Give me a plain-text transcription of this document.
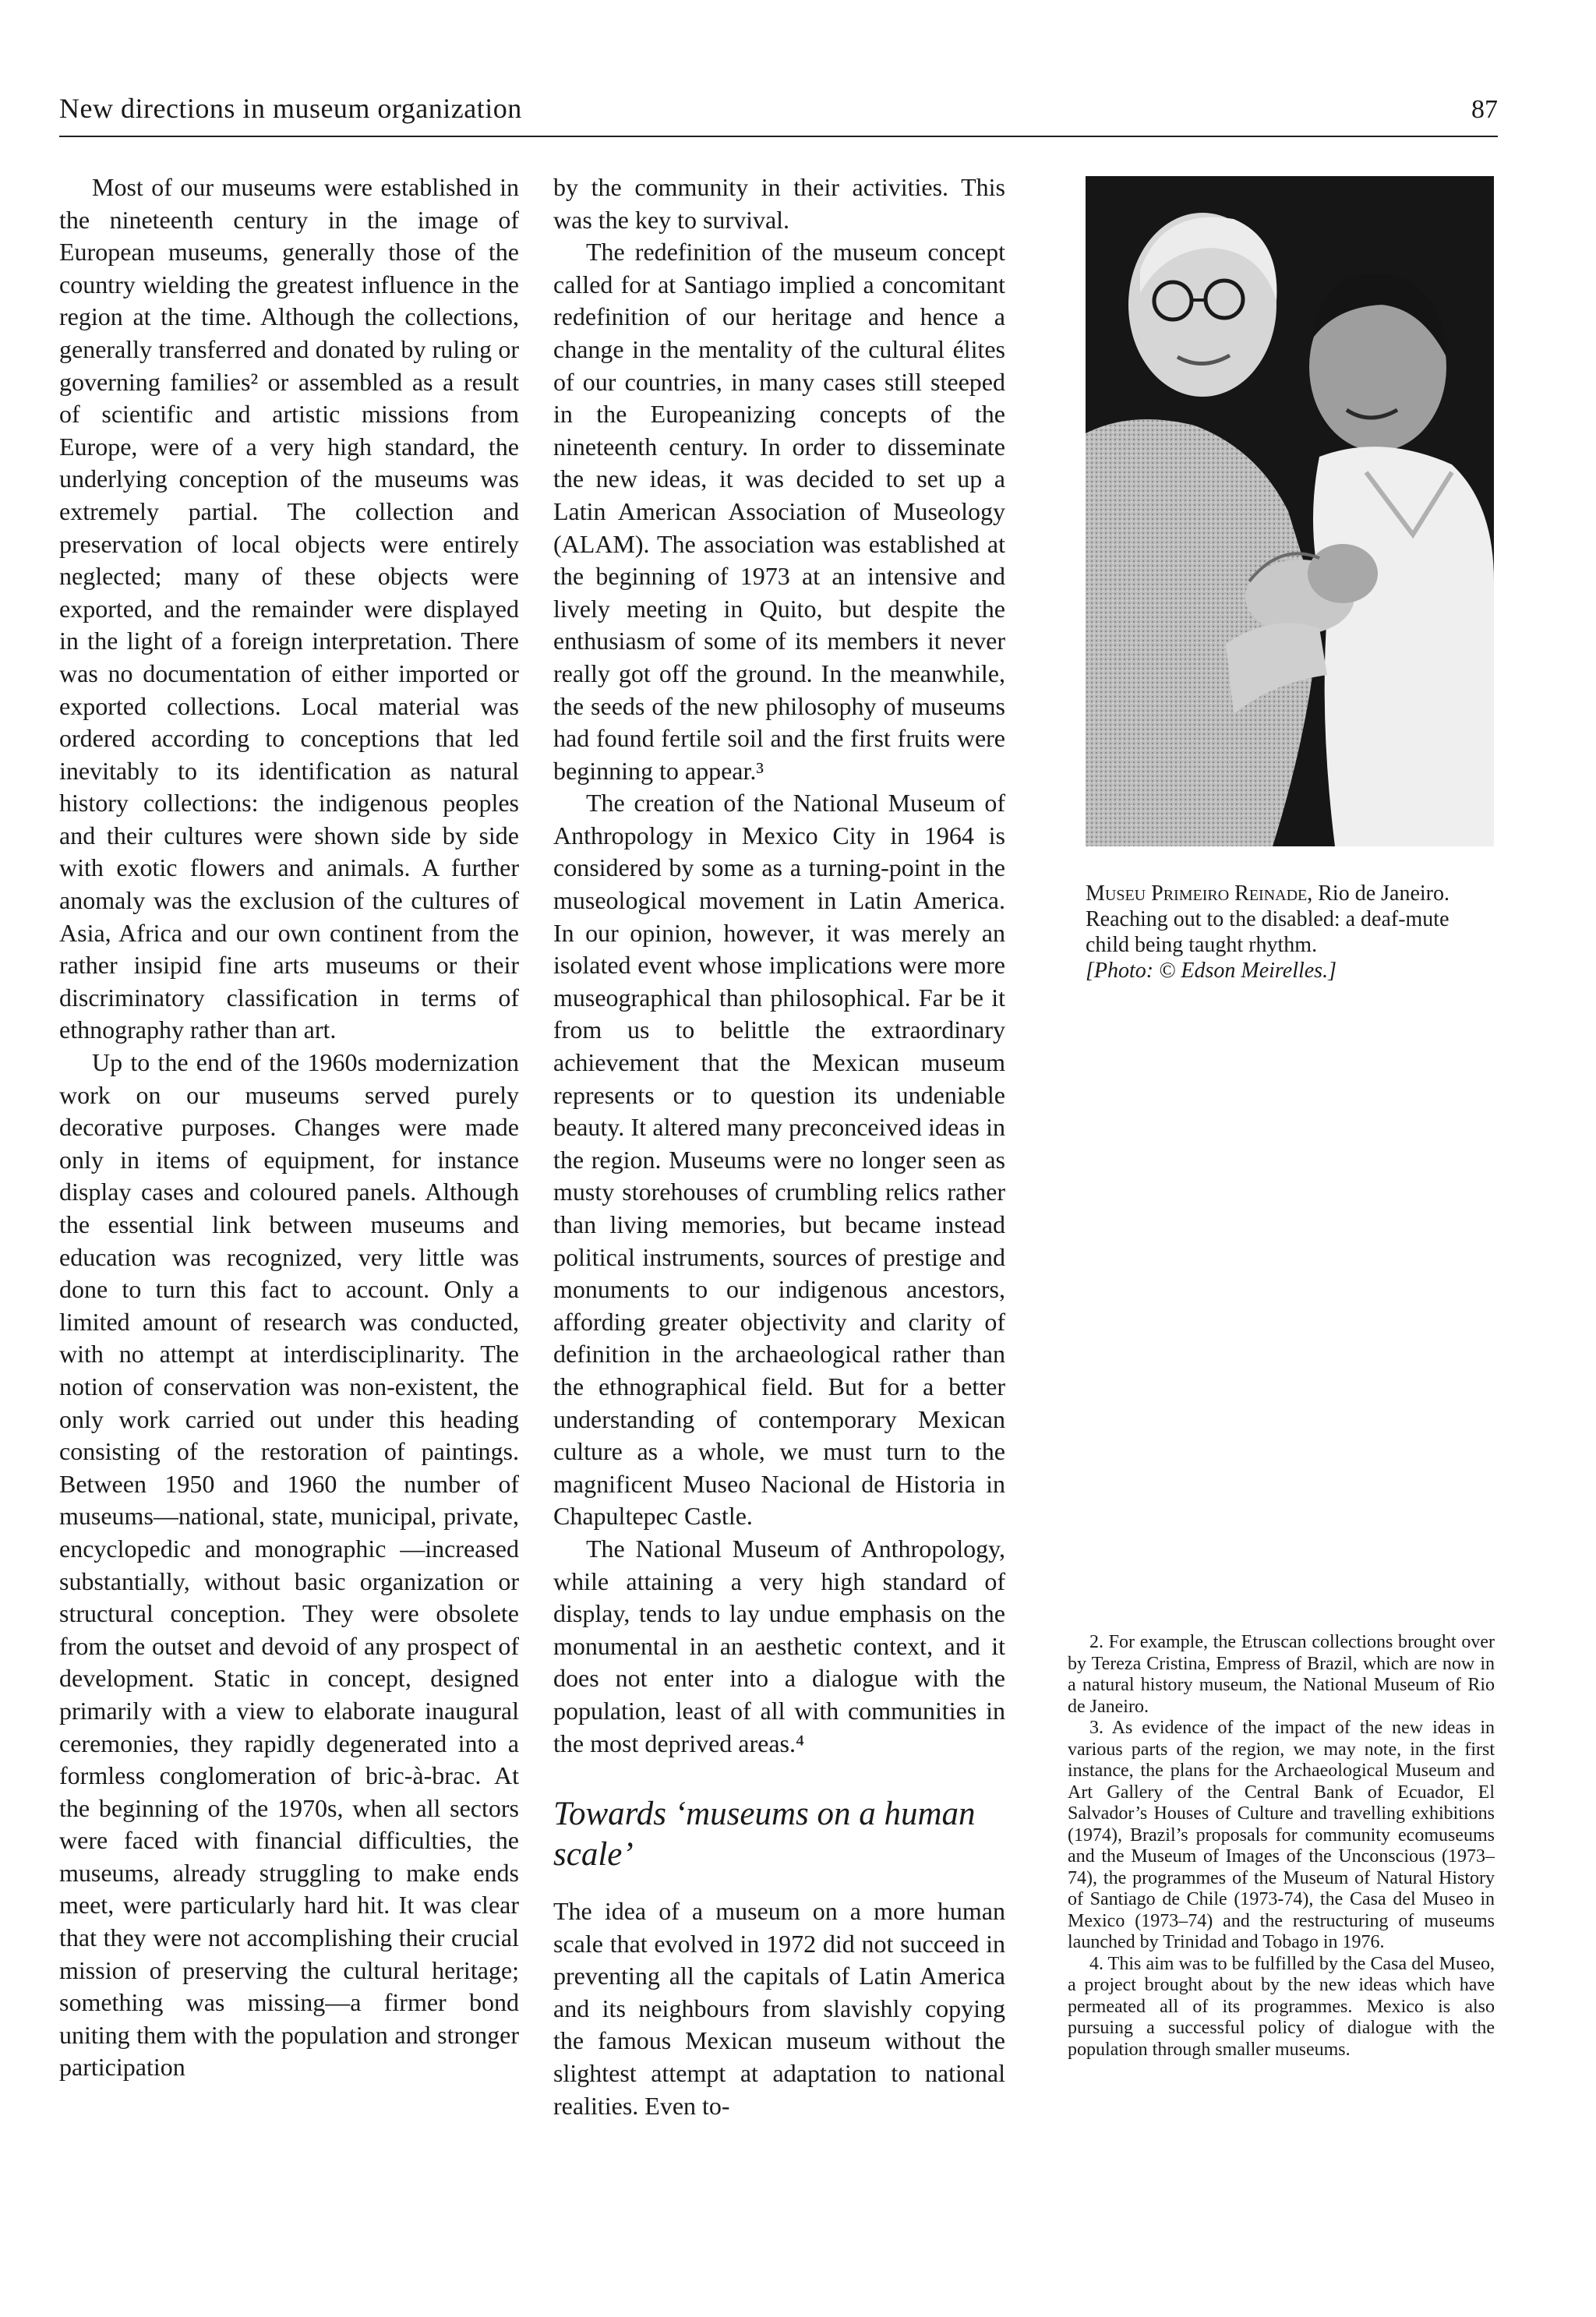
New directions in museum organization	87

Most of our museums were established in the nineteenth century in the image of European museums, generally those of the country wielding the greatest influence in the region at the time. Although the collections, generally transferred and donated by ruling or governing families² or assembled as a result of scientific and artistic missions from Europe, were of a very high standard, the underlying conception of the museums was extremely partial. The collection and preservation of local objects were entirely neglected; many of these objects were exported, and the remainder were displayed in the light of a foreign interpretation. There was no documentation of either imported or exported collections. Local material was ordered according to conceptions that led inevitably to its identification as natural history collections: the indigenous peoples and their cultures were shown side by side with exotic flowers and animals. A further anomaly was the exclusion of the cultures of Asia, Africa and our own continent from the rather insipid fine arts museums or their discriminatory classification in terms of ethnography rather than art.

Up to the end of the 1960s modernization work on our museums served purely decorative purposes. Changes were made only in items of equipment, for instance display cases and coloured panels. Although the essential link between museums and education was recognized, very little was done to turn this fact to account. Only a limited amount of research was conducted, with no attempt at interdisciplinarity. The notion of conservation was non-existent, the only work carried out under this heading consisting of the restoration of paintings. Between 1950 and 1960 the number of museums—national, state, municipal, private, encyclopedic and monographic —increased substantially, without basic organization or structural conception. They were obsolete from the outset and devoid of any prospect of development. Static in concept, designed primarily with a view to elaborate inaugural ceremonies, they rapidly degenerated into a formless conglomeration of bric-à-brac. At the beginning of the 1970s, when all sectors were faced with financial difficulties, the museums, already struggling to make ends meet, were particularly hard hit. It was clear that they were not accomplishing their crucial mission of preserving the cultural heritage; something was missing—a firmer bond uniting them with the population and stronger participation

by the community in their activities. This was the key to survival.

The redefinition of the museum concept called for at Santiago implied a concomitant redefinition of our heritage and hence a change in the mentality of the cultural élites of our countries, in many cases still steeped in the Europeanizing concepts of the nineteenth century. In order to disseminate the new ideas, it was decided to set up a Latin American Association of Museology (ALAM). The association was established at the beginning of 1973 at an intensive and lively meeting in Quito, but despite the enthusiasm of some of its members it never really got off the ground. In the meanwhile, the seeds of the new philosophy of museums had found fertile soil and the first fruits were beginning to appear.³

The creation of the National Museum of Anthropology in Mexico City in 1964 is considered by some as a turning-point in the museological movement in Latin America. In our opinion, however, it was merely an isolated event whose implications were more museographical than philosophical. Far be it from us to belittle the extraordinary achievement that the Mexican museum represents or to question its undeniable beauty. It altered many preconceived ideas in the region. Museums were no longer seen as musty storehouses of crumbling relics rather than living memories, but became instead political instruments, sources of prestige and monuments to our indigenous ancestors, affording greater objectivity and clarity of definition in the archaeological rather than the ethnographical field. But for a better understanding of contemporary Mexican culture as a whole, we must turn to the magnificent Museo Nacional de Historia in Chapultepec Castle.

The National Museum of Anthropology, while attaining a very high standard of display, tends to lay undue emphasis on the monumental in an aesthetic context, and it does not enter into a dialogue with the population, least of all with communities in the most deprived areas.⁴

Towards ‘museums on a human scale’

The idea of a museum on a more human scale that evolved in 1972 did not succeed in preventing all the capitals of Latin America and its neighbours from slavishly copying the famous Mexican museum without the slightest attempt at adaptation to national realities. Even to-

Museu Primeiro Reinade, Rio de Janeiro.
Reaching out to the disabled: a deaf-mute child being taught rhythm.
[Photo: © Edson Meirelles.]

2. For example, the Etruscan collections brought over by Tereza Cristina, Empress of Brazil, which are now in a natural history museum, the National Museum of Rio de Janeiro.

3. As evidence of the impact of the new ideas in various parts of the region, we may note, in the first instance, the plans for the Archaeological Museum and Art Gallery of the Central Bank of Ecuador, El Salvador’s Houses of Culture and travelling exhibitions (1974), Brazil’s proposals for community ecomuseums and the Museum of Images of the Unconscious (1973–74), the programmes of the Museum of Natural History of Santiago de Chile (1973-74), the Casa del Museo in Mexico (1973–74) and the restructuring of museums launched by Trinidad and Tobago in 1976.

4. This aim was to be fulfilled by the Casa del Museo, a project brought about by the new ideas which have permeated all of its programmes. Mexico is also pursuing a successful policy of dialogue with the population through smaller museums.
